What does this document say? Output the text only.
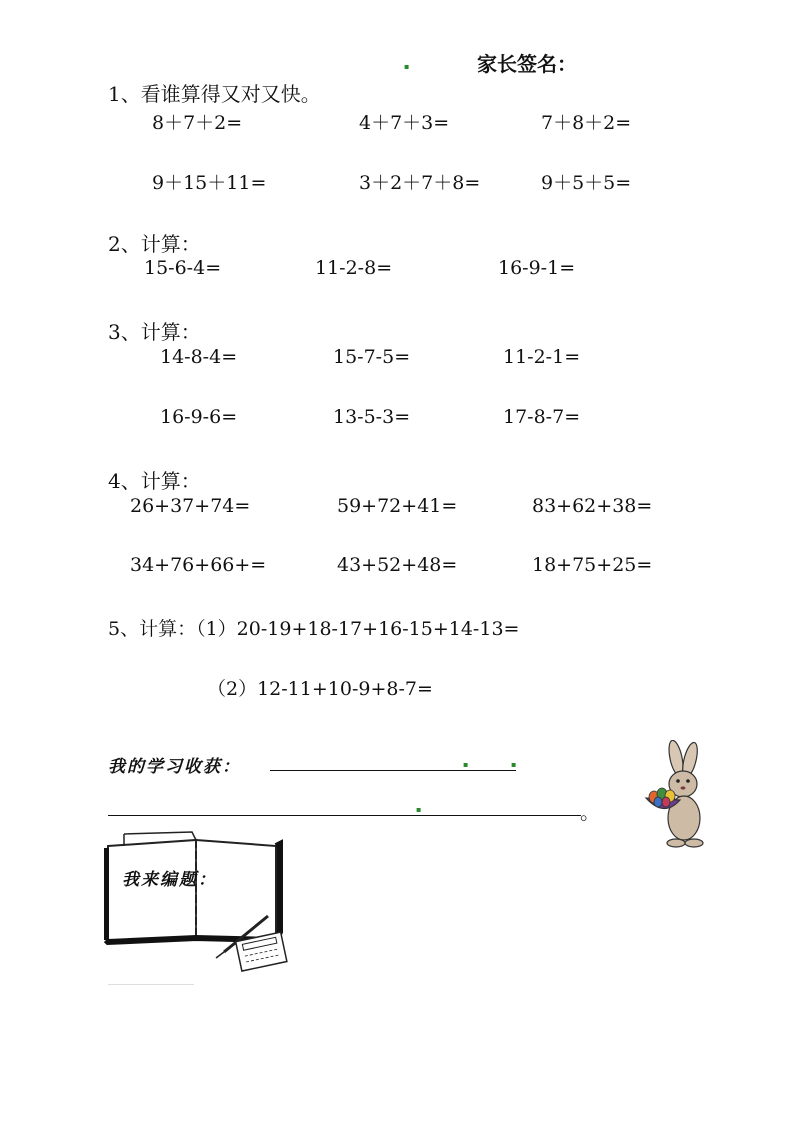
▪	家长签名：
1、看谁算得又对又快。
8＋7＋2=	4＋7＋3=	7＋8＋2=
9＋15＋11=	3＋2＋7＋8=	9＋5＋5=
2、计算：
15-6-4=	11-2-8=	16-9-1=
3、计算：
14-8-4=	15-7-5=	11-2-1=
16-9-6=	13-5-3=	17-8-7=
4、计算：
26+37+74=	59+72+41=	83+62+38=
34+76+66+=	43+52+48=	18+75+25=
5、计算：（1）20-19+18-17+16-15+14-13=
（2）12-11+10-9+8-7=
我的学习收获：	▪	▪
▪	。
我来编题：
